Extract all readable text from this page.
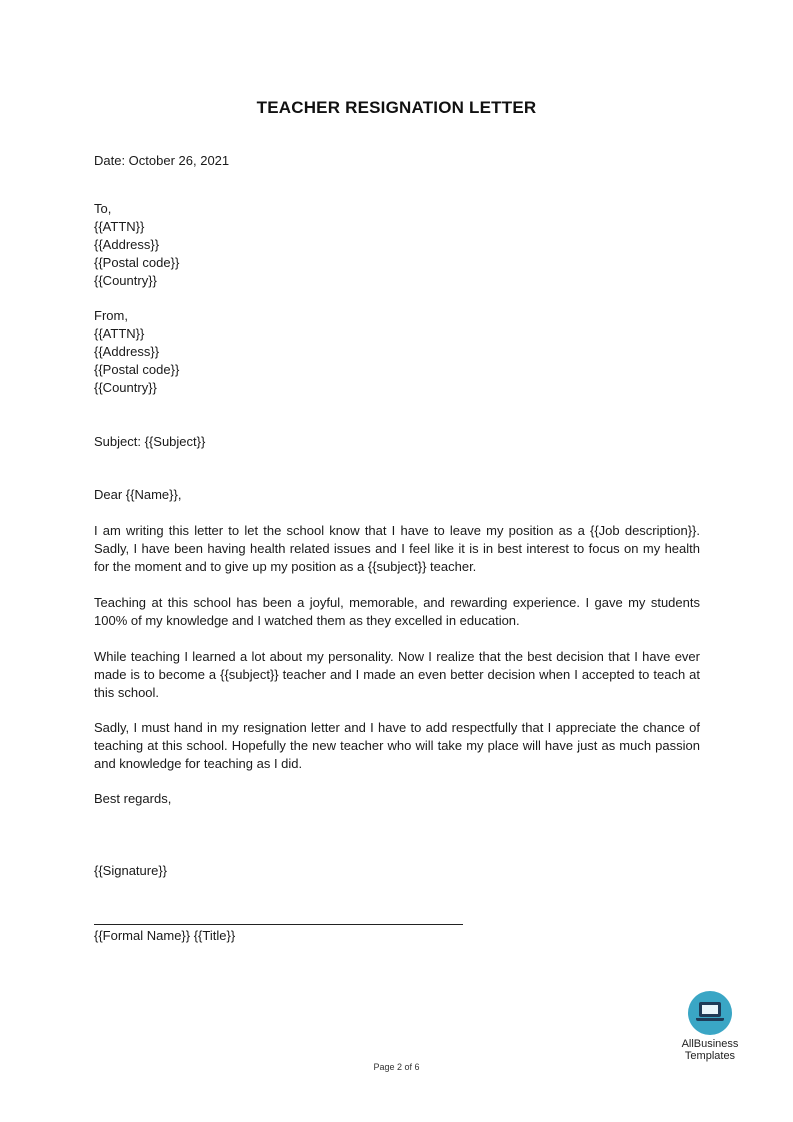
TEACHER RESIGNATION LETTER
Date: October 26, 2021
To,
{{ATTN}}
{{Address}}
{{Postal code}}
{{Country}}
From,
{{ATTN}}
{{Address}}
{{Postal code}}
{{Country}}
Subject: {{Subject}}
Dear {{Name}},
I am writing this letter to let the school know that I have to leave my position as a {{Job description}}. Sadly, I have been having health related issues and I feel like it is in best interest to focus on my health for the moment and to give up my position as a {{subject}} teacher.
Teaching at this school has been a joyful, memorable, and rewarding experience. I gave my students 100% of my knowledge and I watched them as they excelled in education.
While teaching I learned a lot about my personality. Now I realize that the best decision that I have ever made is to become a {{subject}} teacher and I made an even better decision when I accepted to teach at this school.
Sadly, I must hand in my resignation letter and I have to add respectfully that I appreciate the chance of teaching at this school. Hopefully the new teacher who will take my place will have just as much passion and knowledge for teaching as I did.
Best regards,
{{Signature}}
{{Formal Name}} {{Title}}
AllBusiness
Templates
Page 2 of 6
